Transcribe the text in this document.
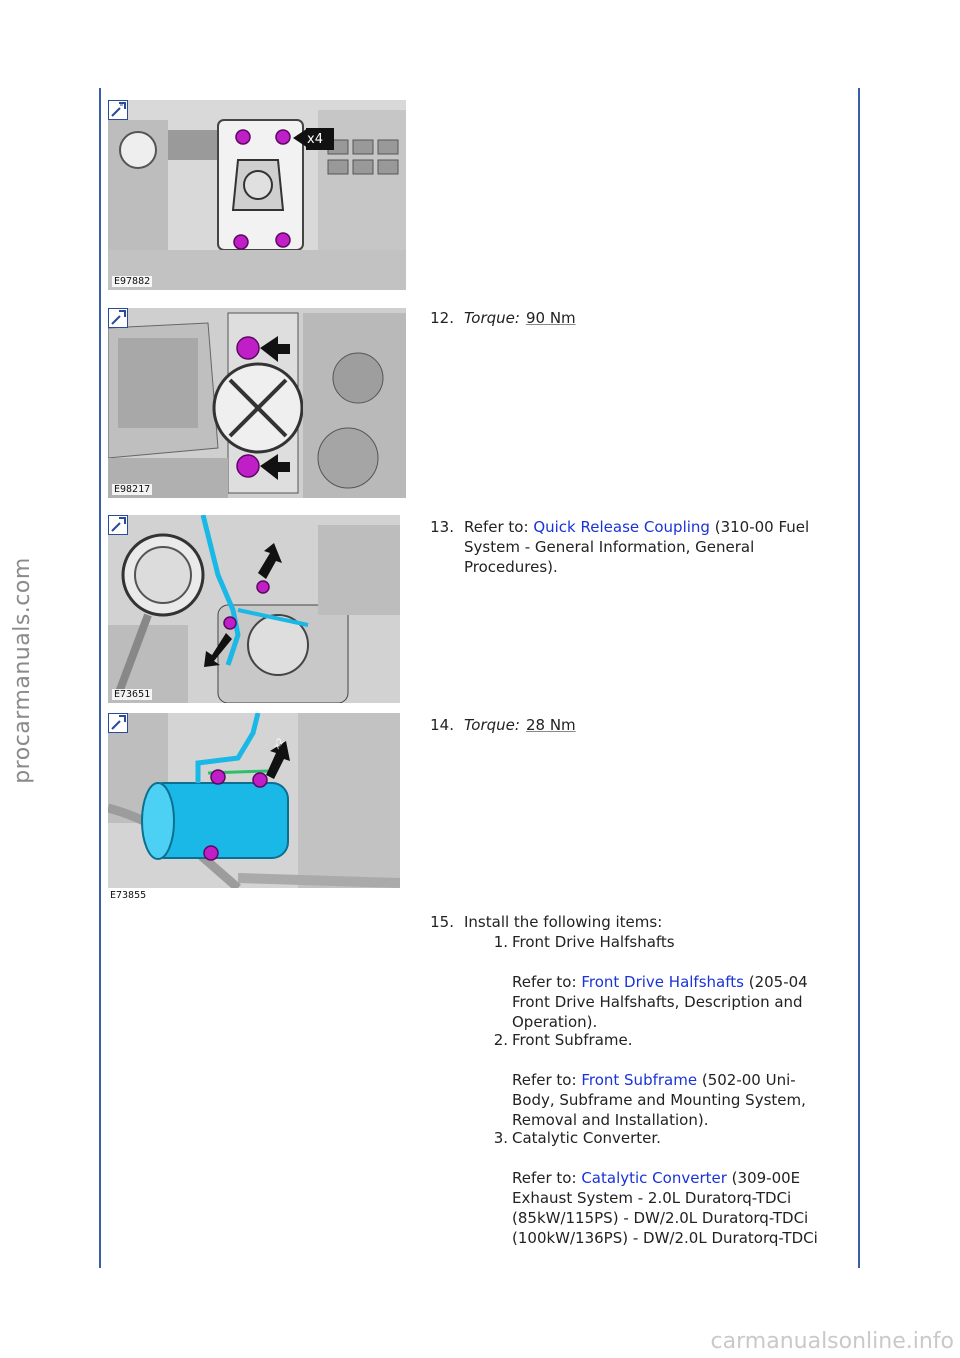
procarmanuals.com
carmanualsonline.info
E97882
x4
E98217
12. Torque: 90 Nm
E73651
13. Refer to: Quick Release Coupling (310-00 Fuel
System - General Information, General
Procedures).
E73855
x2
14. Torque: 28 Nm
15. Install the following items:
1. Front Drive Halfshafts
Refer to: Front Drive Halfshafts (205-04
Front Drive Halfshafts, Description and
Operation).
2. Front Subframe.
Refer to: Front Subframe (502-00 Uni-
Body, Subframe and Mounting System,
Removal and Installation).
3. Catalytic Converter.
Refer to: Catalytic Converter (309-00E
Exhaust System - 2.0L Duratorq-TDCi
(85kW/115PS) - DW/2.0L Duratorq-TDCi
(100kW/136PS) - DW/2.0L Duratorq-TDCi
